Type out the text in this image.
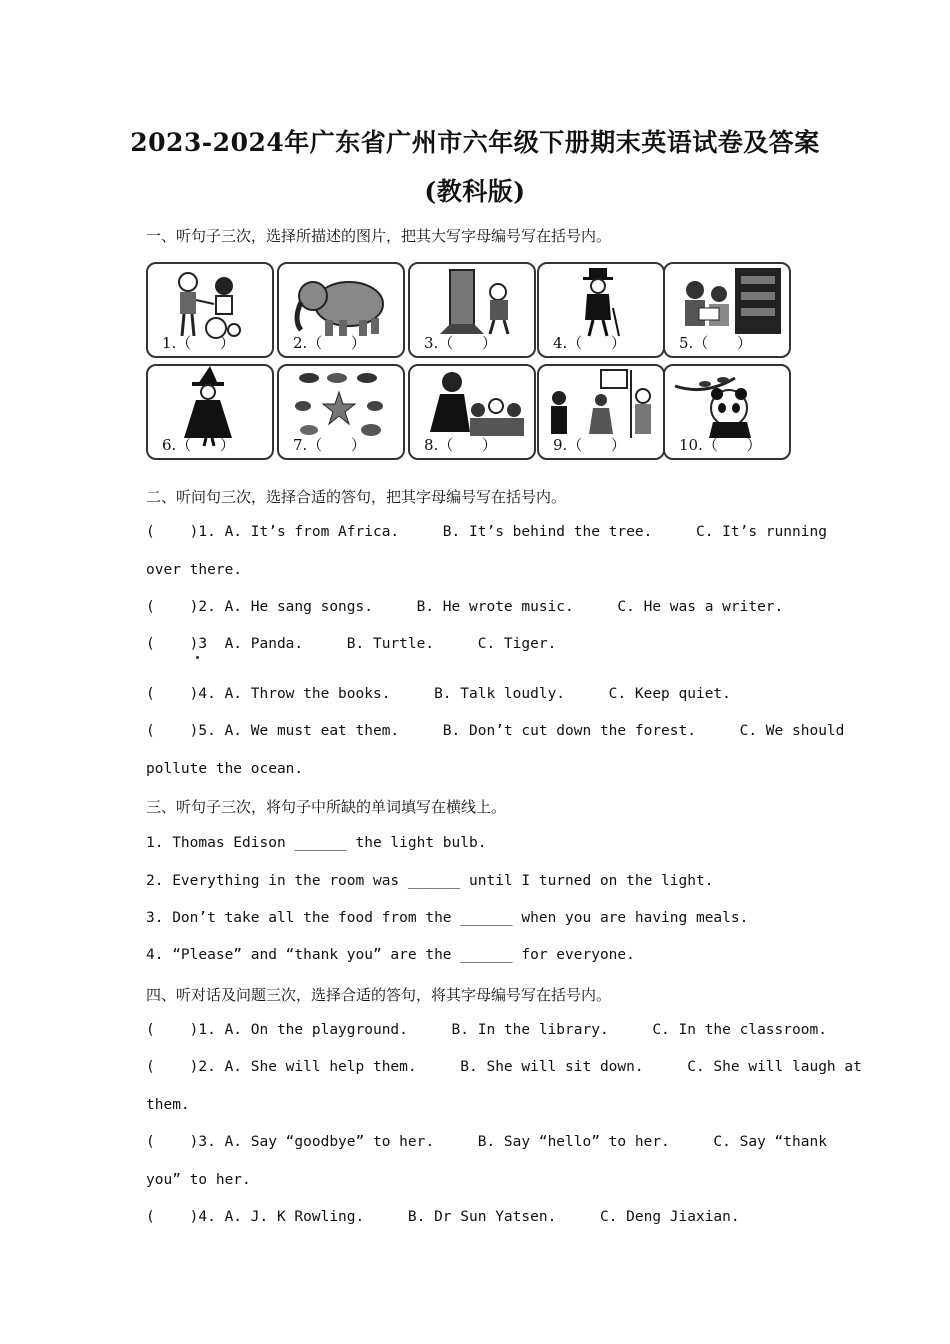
2023-2024年广东省广州市六年级下册期末英语试卷及答案
(教科版)
一、听句子三次，选择所描述的图片，把其大写字母编号写在括号内。
1.（      ）	2.（      ）	3.（      ）	4.（      ）	5.（      ）
6.（      ）	7.（      ）	8.（      ）	9.（      ）	10.（      ）
二、听问句三次，选择合适的答句，把其字母编号写在括号内。
(    )1. A. It’s from Africa.     B. It’s behind the tree.     C. It’s running
over there.
(    )2. A. He sang songs.     B. He wrote music.     C. He was a writer.
(    )3  A. Panda.     B. Turtle.     C. Tiger.
(    )4. A. Throw the books.     B. Talk loudly.     C. Keep quiet.
(    )5. A. We must eat them.     B. Don’t cut down the forest.     C. We should
pollute the ocean.
三、听句子三次，将句子中所缺的单词填写在横线上。
1. Thomas Edison ______ the light bulb.
2. Everything in the room was ______ until I turned on the light.
3. Don’t take all the food from the ______ when you are having meals.
4. “Please” and “thank you” are the ______ for everyone.
四、听对话及问题三次，选择合适的答句，将其字母编号写在括号内。
(    )1. A. On the playground.     B. In the library.     C. In the classroom.
(    )2. A. She will help them.     B. She will sit down.     C. She will laugh at
them.
(    )3. A. Say “goodbye” to her.     B. Say “hello” to her.     C. Say “thank
you” to her.
(    )4. A. J. K Rowling.     B. Dr Sun Yatsen.     C. Deng Jiaxian.
